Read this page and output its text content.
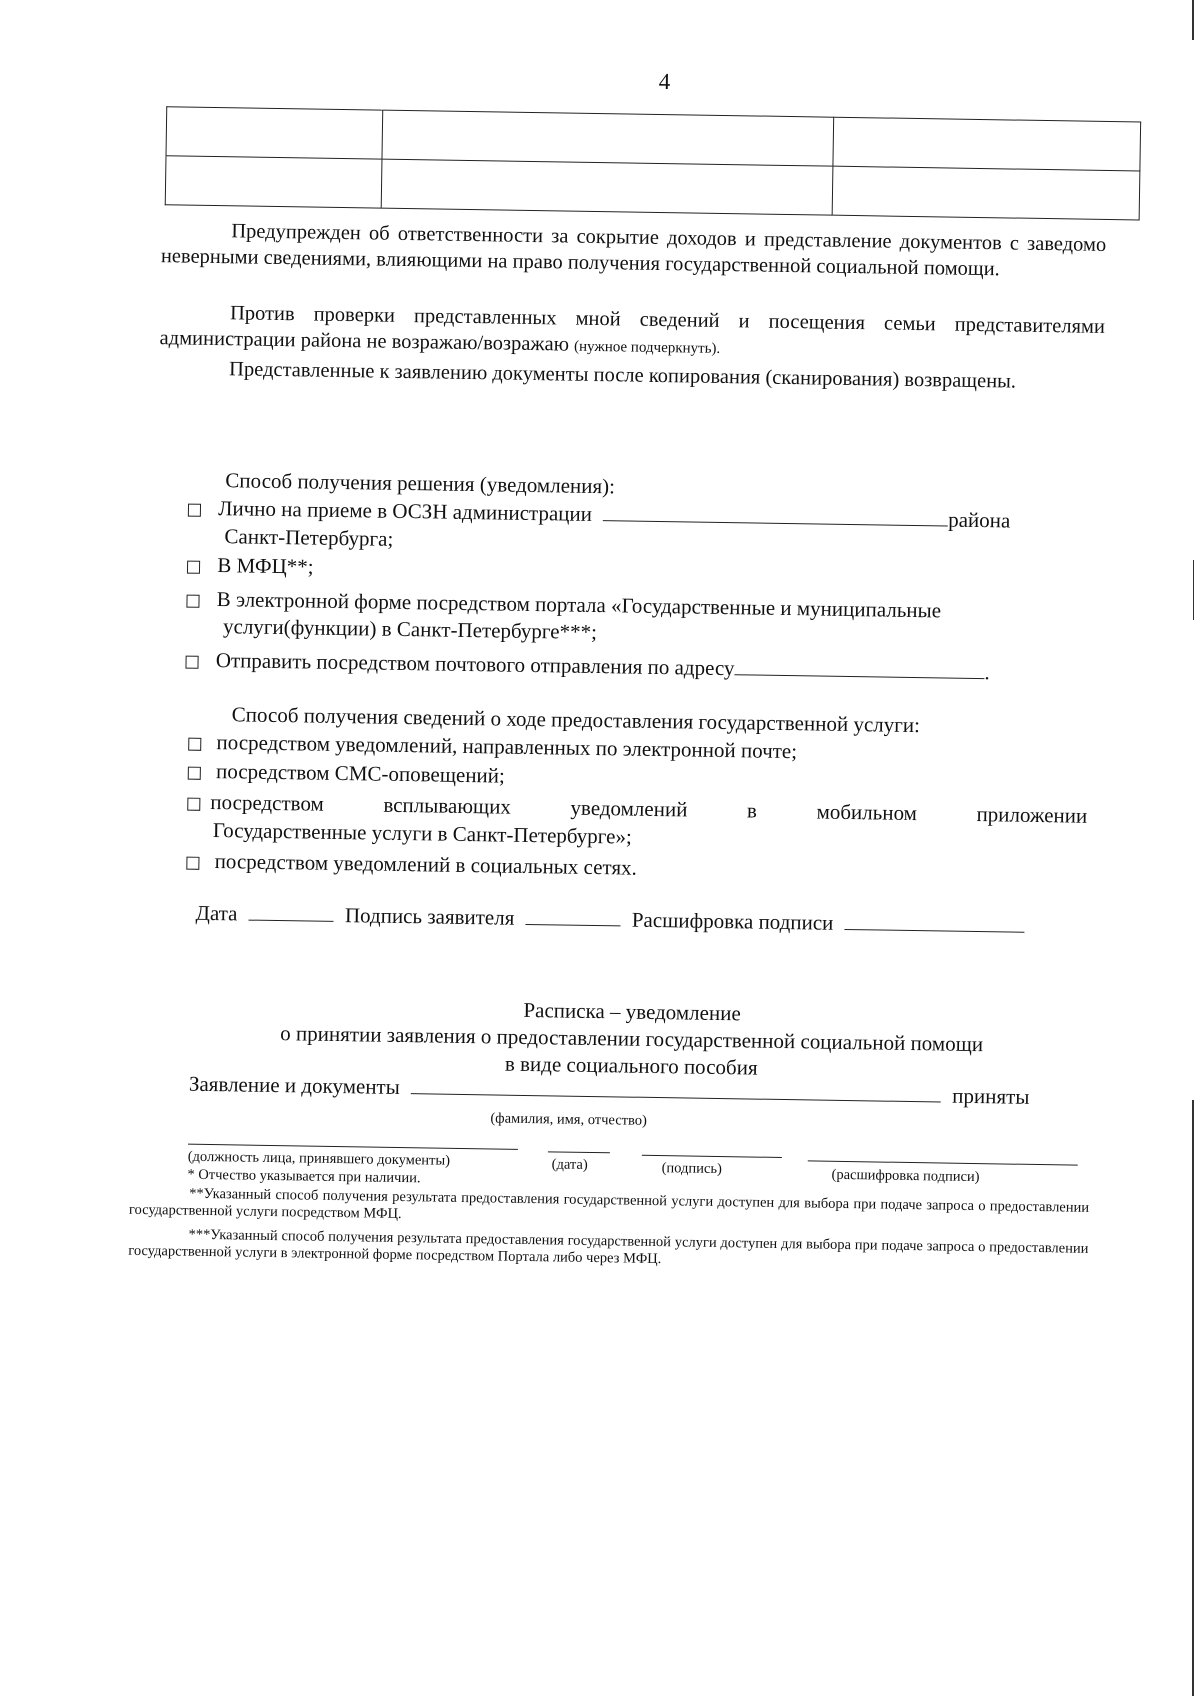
4

Предупрежден об ответственности за сокрытие доходов и представление документов с заведомо неверными сведениями, влияющими на право получения государственной социальной помощи.
Против проверки представленных мной сведений и посещения семьи представителями администрации района не возражаю/возражаю (нужное подчеркнуть).
Представленные к заявлению документы после копирования (сканирования) возвращены.
Способ получения решения (уведомления):
Лично на приеме в ОСЗН администрации	района
Санкт-Петербурга;
В МФЦ**;
В электронной форме посредством портала «Государственные и муниципальные
услуги(функции) в Санкт-Петербурге***;
Отправить посредством почтового отправления по адресу	.
Способ получения сведений о ходе предоставления государственной услуги:
посредством уведомлений, направленных по электронной почте;
посредством СМС-оповещений;
посредством	всплывающих	уведомлений	в	мобильном	приложении
Государственные услуги в Санкт-Петербурге»;
посредством уведомлений в социальных сетях.
Дата	Подпись заявителя	Расшифровка подписи
Расписка – уведомление
о принятии заявления о предоставлении государственной социальной помощи
в виде социального пособия
Заявление и документы	приняты
(фамилия, имя, отчество)
(должность лица, принявшего документы)	(дата)	(подпись)	(расшифровка подписи)
* Отчество указывается при наличии.
**Указанный способ получения результата предоставления государственной услуги доступен для выбора при подаче запроса о предоставлении государственной услуги посредством МФЦ.
***Указанный способ получения результата предоставления государственной услуги доступен для выбора при подаче запроса о предоставлении государственной услуги в электронной форме посредством Портала либо через МФЦ.
